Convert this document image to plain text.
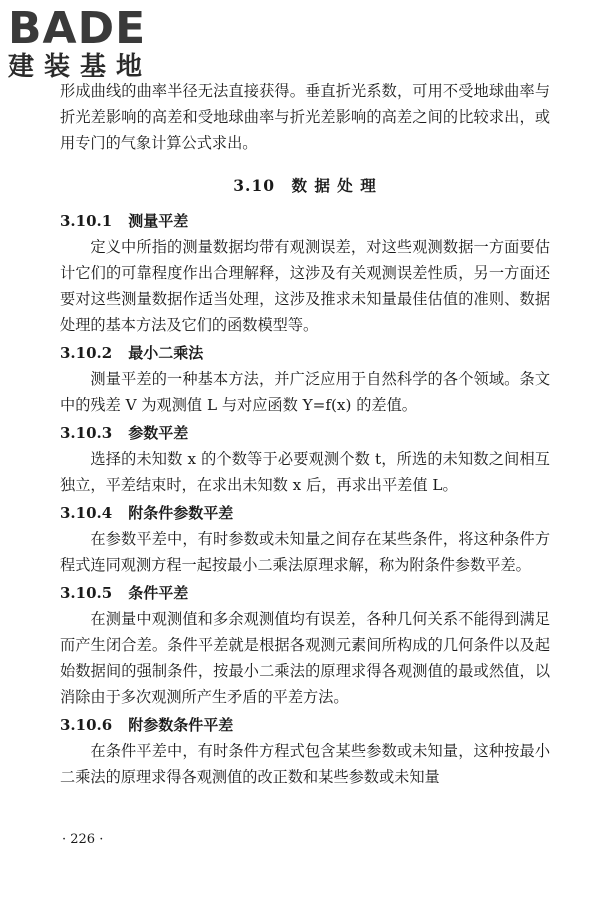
BADE
建装基地

形成曲线的曲率半径无法直接获得。垂直折光系数，可用不受地球曲率与折光差影响的高差和受地球曲率与折光差影响的高差之间的比较求出，或用专门的气象计算公式求出。

3.10　数 据 处 理
3.10.1 测量平差

定义中所指的测量数据均带有观测误差，对这些观测数据一方面要估计它们的可靠程度作出合理解释，这涉及有关观测误差性质，另一方面还要对这些测量数据作适当处理，这涉及推求未知量最佳估值的准则、数据处理的基本方法及它们的函数模型等。

3.10.2 最小二乘法

测量平差的一种基本方法，并广泛应用于自然科学的各个领域。条文中的残差 V 为观测值 L 与对应函数 Y=f(x) 的差值。

3.10.3 参数平差

选择的未知数 x 的个数等于必要观测个数 t，所选的未知数之间相互独立，平差结束时，在求出未知数 x 后，再求出平差值 L。

3.10.4 附条件参数平差

在参数平差中，有时参数或未知量之间存在某些条件，将这种条件方程式连同观测方程一起按最小二乘法原理求解，称为附条件参数平差。

3.10.5 条件平差

在测量中观测值和多余观测值均有误差，各种几何关系不能得到满足而产生闭合差。条件平差就是根据各观测元素间所构成的几何条件以及起始数据间的强制条件，按最小二乘法的原理求得各观测值的最或然值，以消除由于多次观测所产生矛盾的平差方法。

3.10.6 附参数条件平差

在条件平差中，有时条件方程式包含某些参数或未知量，这种按最小二乘法的原理求得各观测值的改正数和某些参数或未知量

· 226 ·
